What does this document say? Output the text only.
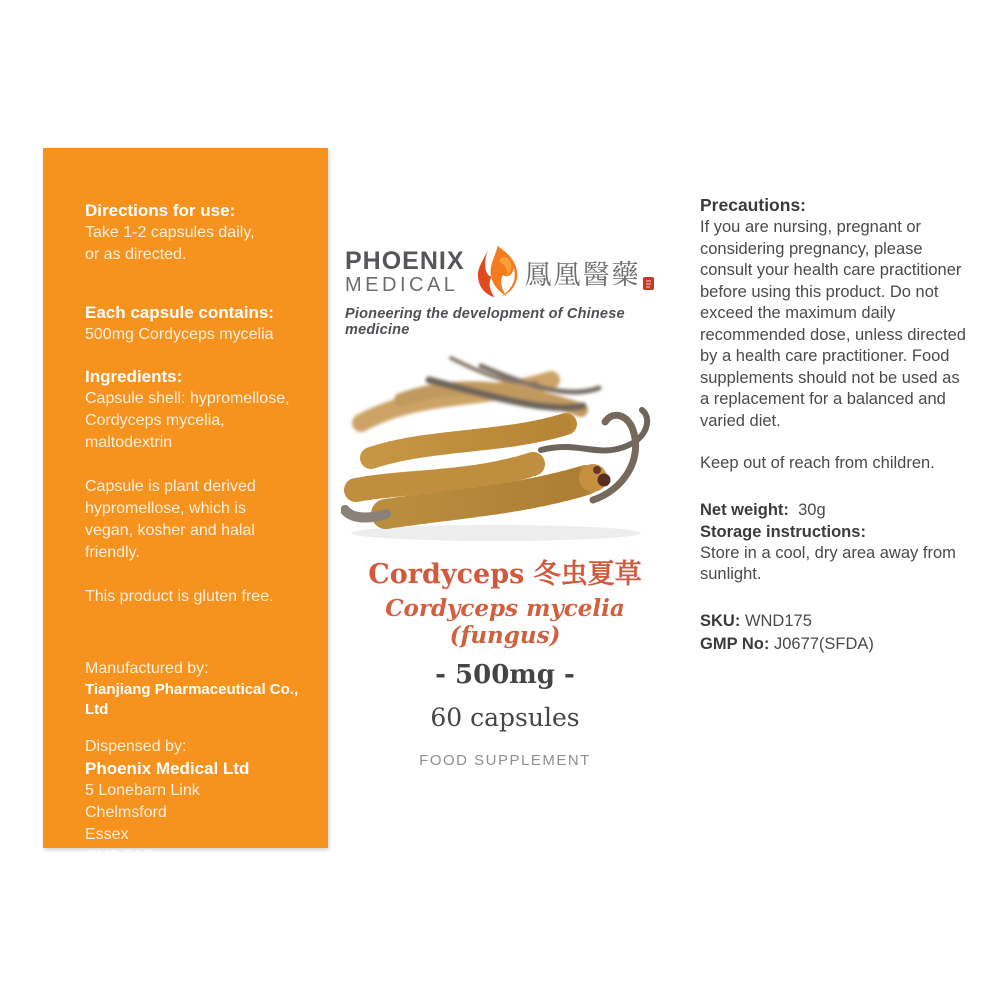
Directions for use:
Take 1-2 capsules daily,
or as directed.
Each capsule contains:
500mg Cordyceps mycelia
Ingredients:
Capsule shell: hypromellose,
Cordyceps mycelia,
maltodextrin
Capsule is plant derived
hypromellose, which is
vegan, kosher and halal
friendly.
This product is gluten free.
Manufactured by:
Tianjiang Pharmaceutical Co., Ltd
Dispensed by:
Phoenix Medical Ltd
5 Lonebarn Link
Chelmsford
Essex
CM2 5AR
www.phoenixmd.co.uk
PHOENIX
MEDICAL 鳳凰醫藥
Pioneering the development of Chinese medicine
Cordyceps 冬虫夏草
Cordyceps mycelia (fungus)
- 500mg -
60 capsules
FOOD SUPPLEMENT
Precautions:
If you are nursing, pregnant or considering pregnancy, please consult your health care practitioner before using this product. Do not exceed the maximum daily recommended dose, unless directed by a health care practitioner. Food supplements should not be used as a replacement for a balanced and varied diet.
Keep out of reach from children.
Net weight: 30g
Storage instructions:
Store in a cool, dry area away from sunlight.
SKU: WND175
GMP No: J0677(SFDA)
